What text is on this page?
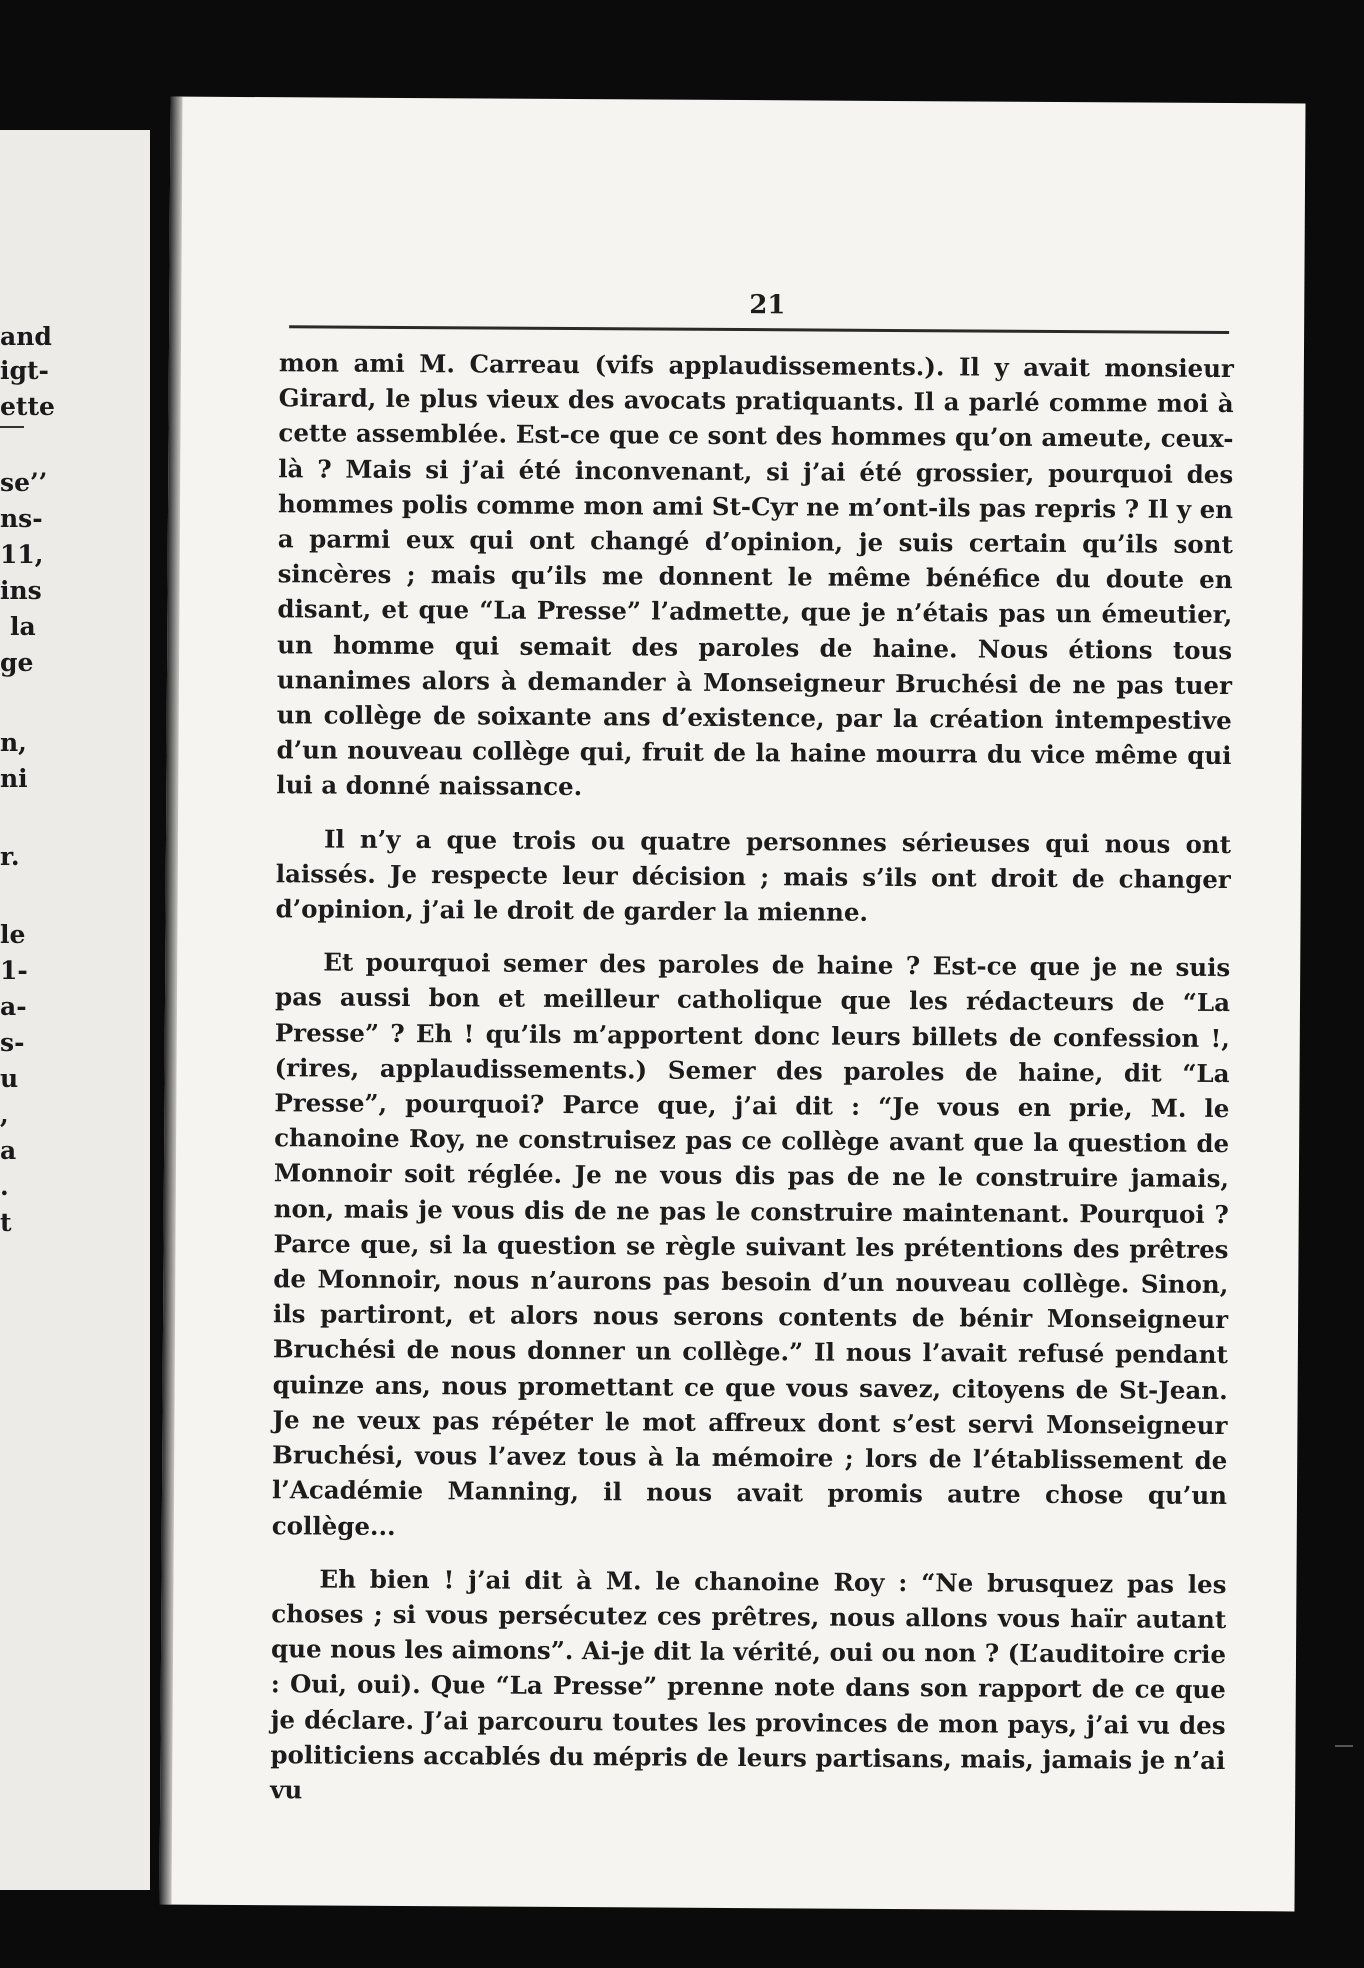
and
igt-
ette
se’’
ns-
11,
ins
la
ge
n,
ni
r.
le
1-
a-
s-
u
,
a
.
t
21

mon ami M. Carreau (vifs applaudissements.). Il y avait monsieur Girard, le plus vieux des avocats pratiquants. Il a parlé comme moi à cette assemblée. Est-ce que ce sont des hommes qu’on ameute, ceux-là ? Mais si j’ai été inconvenant, si j’ai été grossier, pourquoi des hommes polis comme mon ami St-Cyr ne m’ont-ils pas repris ? Il y en a parmi eux qui ont changé d’opinion, je suis certain qu’ils sont sincères ; mais qu’ils me donnent le même bénéfice du doute en disant, et que “La Presse” l’admette, que je n’étais pas un émeutier, un homme qui semait des paroles de haine. Nous étions tous unanimes alors à demander à Monseigneur Bruchési de ne pas tuer un collège de soixante ans d’existence, par la création intempestive d’un nouveau collège qui, fruit de la haine mourra du vice même qui lui a donné naissance.

Il n’y a que trois ou quatre personnes sérieuses qui nous ont laissés. Je respecte leur décision ; mais s’ils ont droit de changer d’opinion, j’ai le droit de garder la mienne.

Et pourquoi semer des paroles de haine ? Est-ce que je ne suis pas aussi bon et meilleur catholique que les rédacteurs de “La Presse” ? Eh ! qu’ils m’apportent donc leurs billets de confession !, (rires, applaudissements.) Semer des paroles de haine, dit “La Presse”, pourquoi? Parce que, j’ai dit : “Je vous en prie, M. le chanoine Roy, ne construisez pas ce collège avant que la question de Monnoir soit réglée. Je ne vous dis pas de ne le construire jamais, non, mais je vous dis de ne pas le construire maintenant. Pourquoi ? Parce que, si la question se règle suivant les prétentions des prêtres de Monnoir, nous n’aurons pas besoin d’un nouveau collège. Sinon, ils partiront, et alors nous serons contents de bénir Monseigneur Bruchési de nous donner un collège.” Il nous l’avait refusé pendant quinze ans, nous promettant ce que vous savez, citoyens de St-Jean. Je ne veux pas répéter le mot affreux dont s’est servi Monseigneur Bruchési, vous l’avez tous à la mémoire ; lors de l’établissement de l’Académie Manning, il nous avait promis autre chose qu’un collège...

Eh bien ! j’ai dit à M. le chanoine Roy : “Ne brusquez pas les choses ; si vous persécutez ces prêtres, nous allons vous haïr autant que nous les aimons”. Ai-je dit la vérité, oui ou non ? (L’auditoire crie : Oui, oui). Que “La Presse” prenne note dans son rapport de ce que je déclare. J’ai parcouru toutes les provinces de mon pays, j’ai vu des politiciens accablés du mépris de leurs partisans, mais, jamais je n’ai vu
